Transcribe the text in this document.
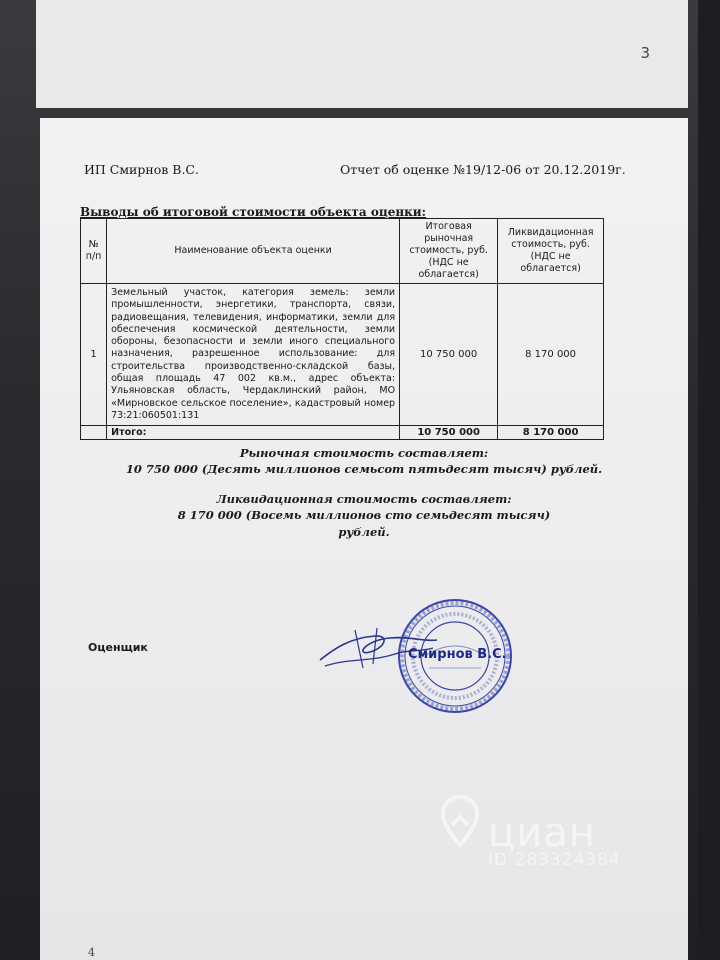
3
ИП Смирнов В.С.	Отчет об оценке №19/12-06 от 20.12.2019г.
Выводы об итоговой стоимости объекта оценки:
№ п/п	Наименование объекта оценки	Итоговая рыночная стоимость, руб. (НДС не облагается)	Ликвидационная стоимость, руб. (НДС не облагается)
1	Земельный участок, категория земель: земли промышленности, энергетики, транспорта, связи, радиовещания, телевидения, информатики, земли для обеспечения космической деятельности, земли обороны, безопасности и земли иного специального назначения, разрешенное использование: для строительства производственно-складской базы, общая площадь 47 002 кв.м., адрес объекта: Ульяновская область, Чердаклинский район, МО «Мирновское сельское поселение», кадастровый номер 73:21:060501:131	10 750 000	8 170 000
	Итого:	10 750 000	8 170 000
Рыночная стоимость составляет:
10 750 000 (Десять миллионов семьсот пятьдесят тысяч) рублей.
Ликвидационная стоимость составляет:
8 170 000 (Восемь миллионов сто семьдесят тысяч)
рублей.
Оценщик	Смирнов В.С.
4
циан
ID 283324384
